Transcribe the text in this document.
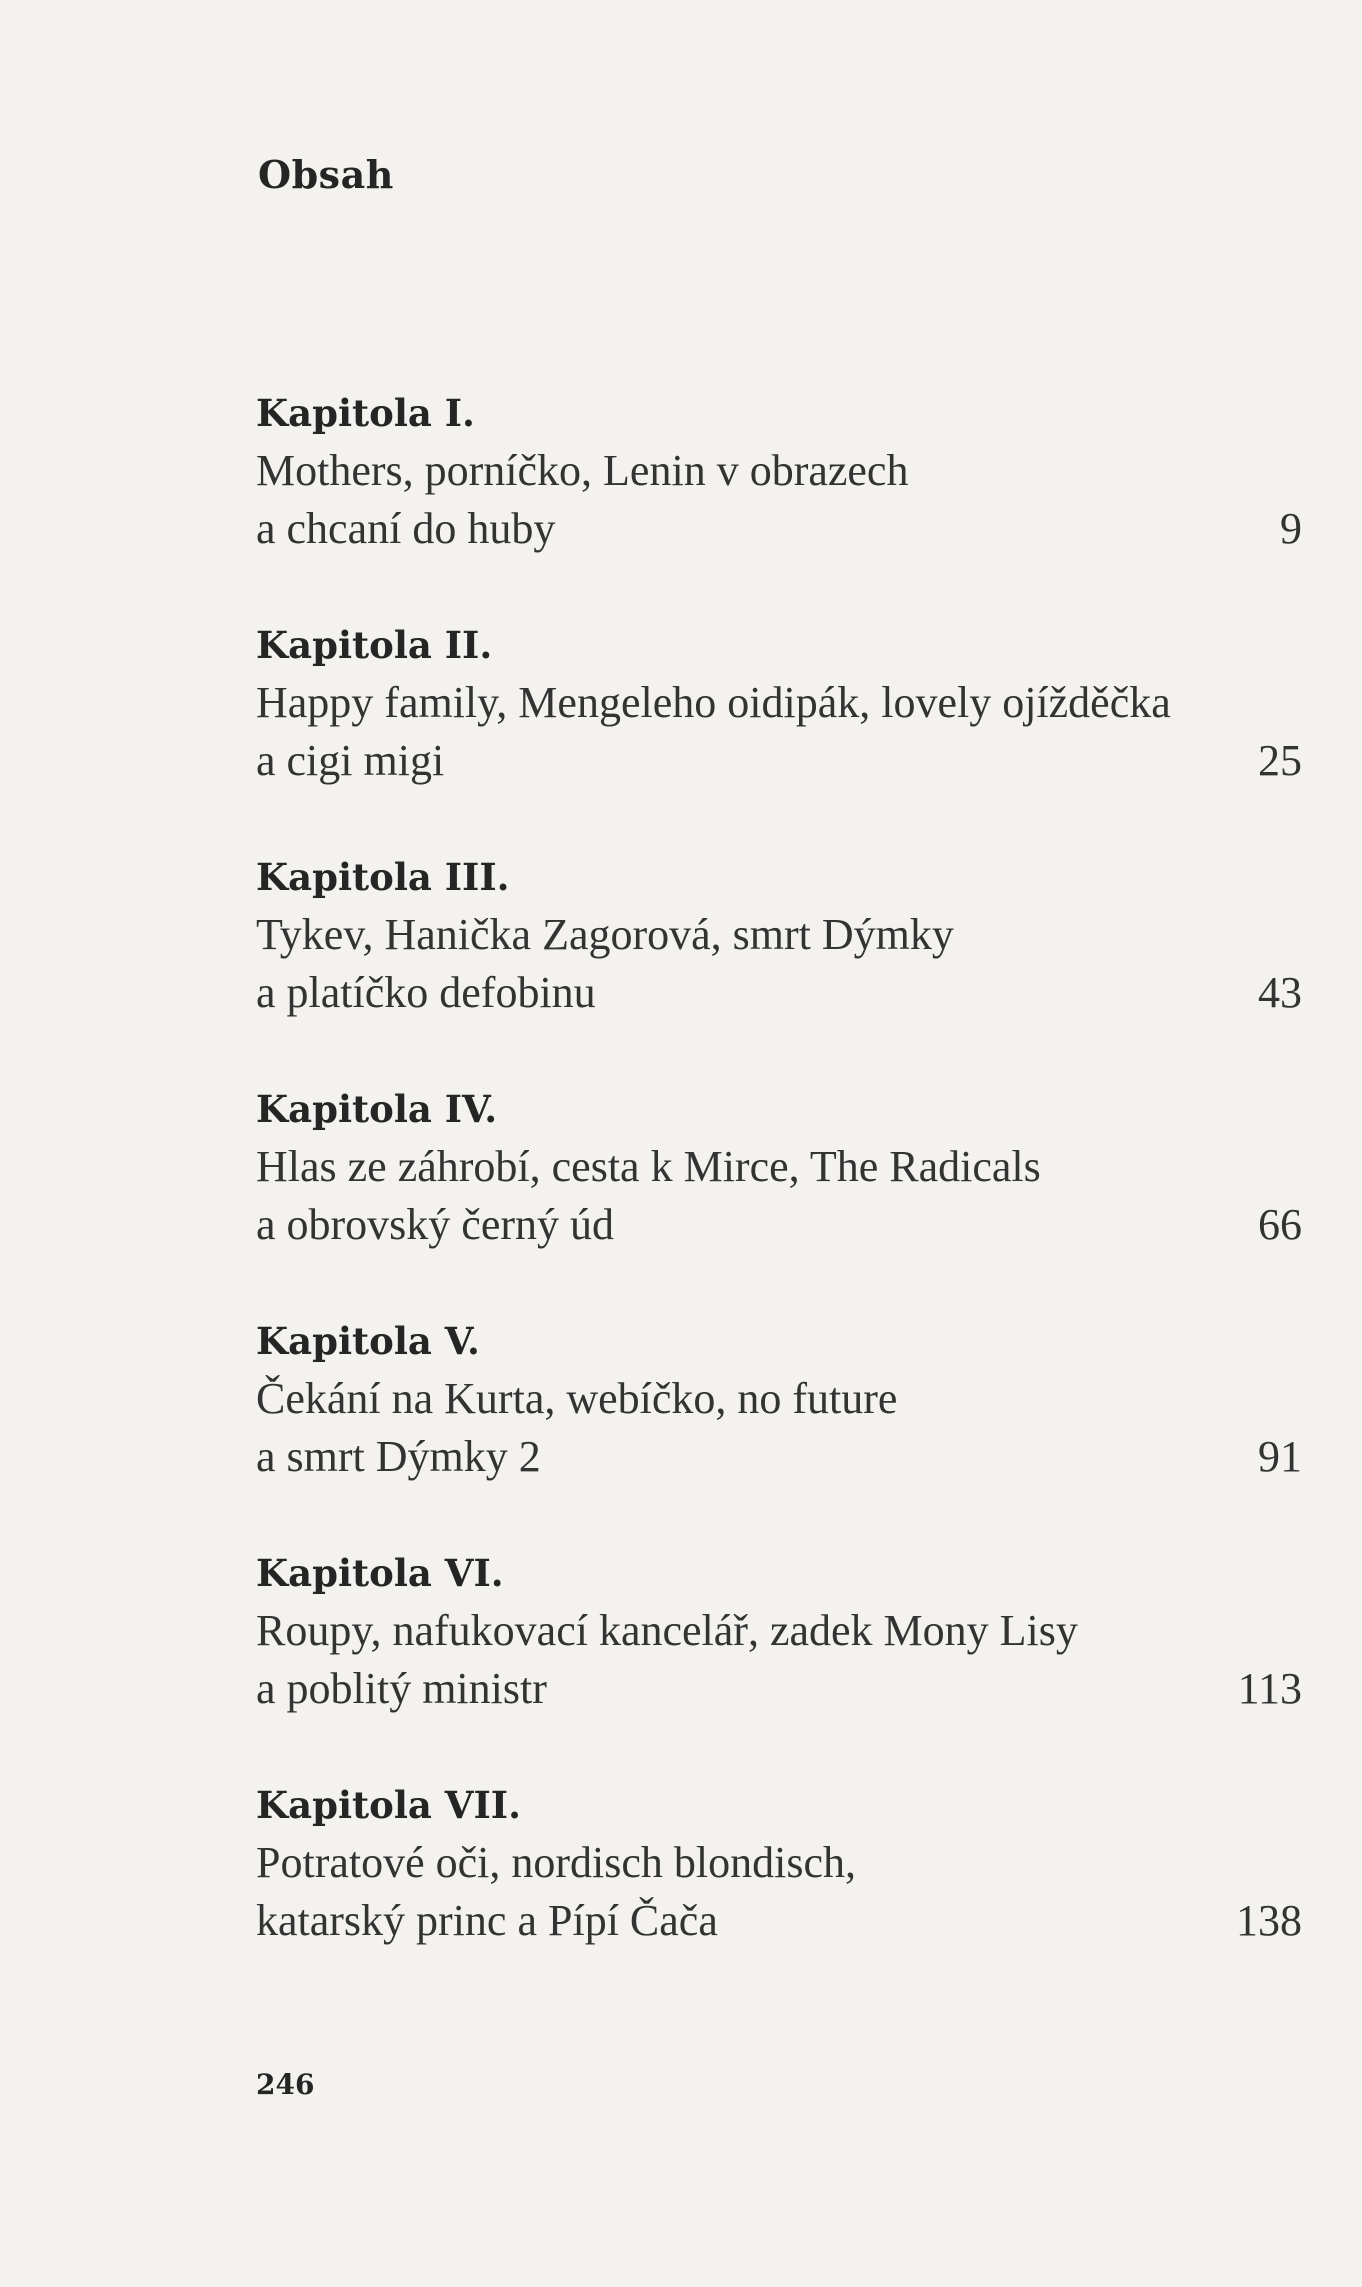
Obsah
Kapitola I.
Mothers, porníčko, Lenin v obrazech
a chcaní do huby	9
Kapitola II.
Happy family, Mengeleho oidipák, lovely ojížděčka
a cigi migi	25
Kapitola III.
Tykev, Hanička Zagorová, smrt Dýmky
a platíčko defobinu	43
Kapitola IV.
Hlas ze záhrobí, cesta k Mirce, The Radicals
a obrovský černý úd	66
Kapitola V.
Čekání na Kurta, webíčko, no future
a smrt Dýmky 2	91
Kapitola VI.
Roupy, nafukovací kancelář, zadek Mony Lisy
a poblitý ministr	113
Kapitola VII.
Potratové oči, nordisch blondisch,
katarský princ a Pípí Čača	138
246
